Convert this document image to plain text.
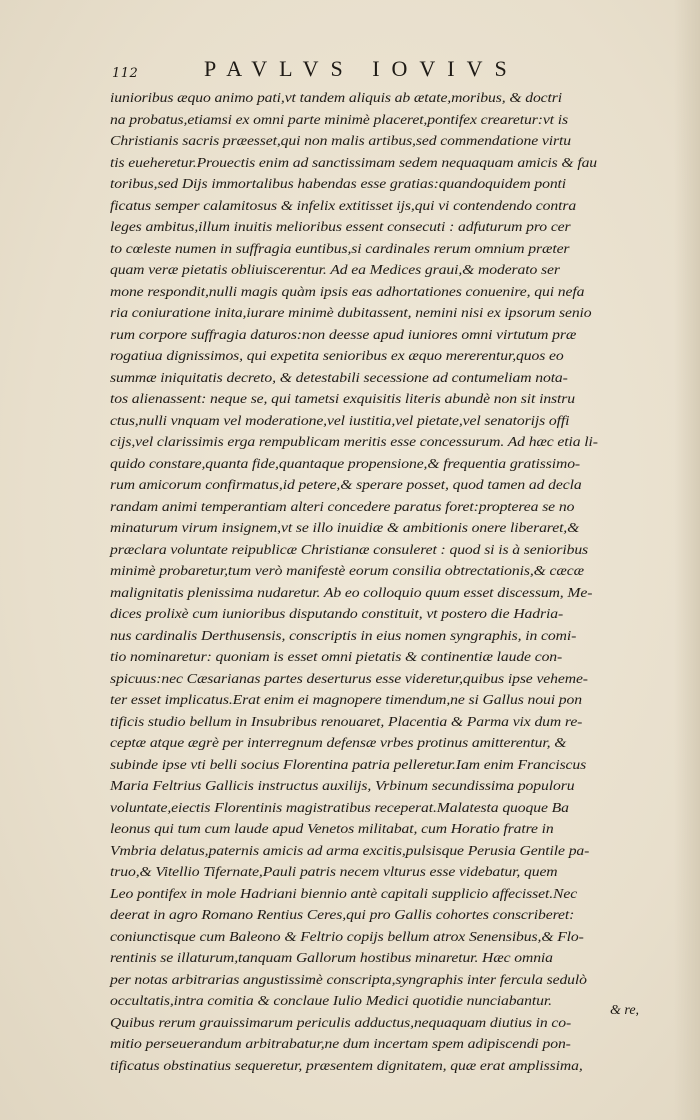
112	PAVLVS IOVIVS
iunioribus æquo animo pati,vt tandem aliquis ab ætate,moribus, & doctri
na probatus,etiamsi ex omni parte minimè placeret,pontifex crearetur:vt is
Christianis sacris præesset,qui non malis artibus,sed commendatione virtu
tis eueheretur.Prouectis enim ad sanctissimam sedem nequaquam amicis & fau
toribus,sed Dijs immortalibus habendas esse gratias:quandoquidem ponti
ficatus semper calamitosus & infelix extitisset ijs,qui vi contendendo contra
leges ambitus,illum inuitis melioribus essent consecuti : adfuturum pro cer
to cœleste numen in suffragia euntibus,si cardinales rerum omnium præter
quam veræ pietatis obliuiscerentur. Ad ea Medices graui,& moderato ser
mone respondit,nulli magis quàm ipsis eas adhortationes conuenire, qui nefa
ria coniuratione inita,iurare minimè dubitassent, nemini nisi ex ipsorum senio
rum corpore suffragia daturos:non deesse apud iuniores omni virtutum præ
rogatiua dignissimos, qui expetita senioribus ex æquo mererentur,quos eo
summæ iniquitatis decreto, & detestabili secessione ad contumeliam nota-
tos alienassent: neque se, qui tametsi exquisitis literis abundè non sit instru
ctus,nulli vnquam vel moderatione,vel iustitia,vel pietate,vel senatorijs offi
cijs,vel clarissimis erga rempublicam meritis esse concessurum. Ad hæc etia li-
quido constare,quanta fide,quantaque propensione,& frequentia gratissimo-
rum amicorum confirmatus,id petere,& sperare posset, quod tamen ad decla
randam animi temperantiam alteri concedere paratus foret:propterea se no
minaturum virum insignem,vt se illo inuidiæ & ambitionis onere liberaret,&
præclara voluntate reipublicæ Christianæ consuleret : quod si is à senioribus
minimè probaretur,tum verò manifestè eorum consilia obtrectationis,& cæcæ
malignitatis plenissima nudaretur. Ab eo colloquio quum esset discessum, Me-
dices prolixè cum iunioribus disputando constituit, vt postero die Hadria-
nus cardinalis Derthusensis, conscriptis in eius nomen syngraphis, in comi-
tio nominaretur: quoniam is esset omni pietatis & continentiæ laude con-
spicuus:nec Cæsarianas partes deserturus esse videretur,quibus ipse veheme-
ter esset implicatus.Erat enim ei magnopere timendum,ne si Gallus noui pon
tificis studio bellum in Insubribus renouaret, Placentia & Parma vix dum re-
ceptæ atque ægrè per interregnum defensæ vrbes protinus amitterentur, &
subinde ipse vti belli socius Florentina patria pelleretur.Iam enim Franciscus
Maria Feltrius Gallicis instructus auxilijs, Vrbinum secundissima populoru
voluntate,eiectis Florentinis magistratibus receperat.Malatesta quoque Ba
leonus qui tum cum laude apud Venetos militabat, cum Horatio fratre in
Vmbria delatus,paternis amicis ad arma excitis,pulsisque Perusia Gentile pa-
truo,& Vitellio Tifernate,Pauli patris necem vlturus esse videbatur, quem
Leo pontifex in mole Hadriani biennio antè capitali supplicio affecisset.Nec
deerat in agro Romano Rentius Ceres,qui pro Gallis cohortes conscriberet:
coniunctisque cum Baleono & Feltrio copijs bellum atrox Senensibus,& Flo-
rentinis se illaturum,tanquam Gallorum hostibus minaretur. Hæc omnia
per notas arbitrarias angustissimè conscripta,syngraphis inter fercula sedulò
occultatis,intra comitia & conclaue Iulio Medici quotidie nunciabantur.
Quibus rerum grauissimarum periculis adductus,nequaquam diutius in co-
mitio perseuerandum arbitrabatur,ne dum incertam spem adipiscendi pon-
tificatus obstinatius sequeretur, præsentem dignitatem, quæ erat amplissima,
& re,
